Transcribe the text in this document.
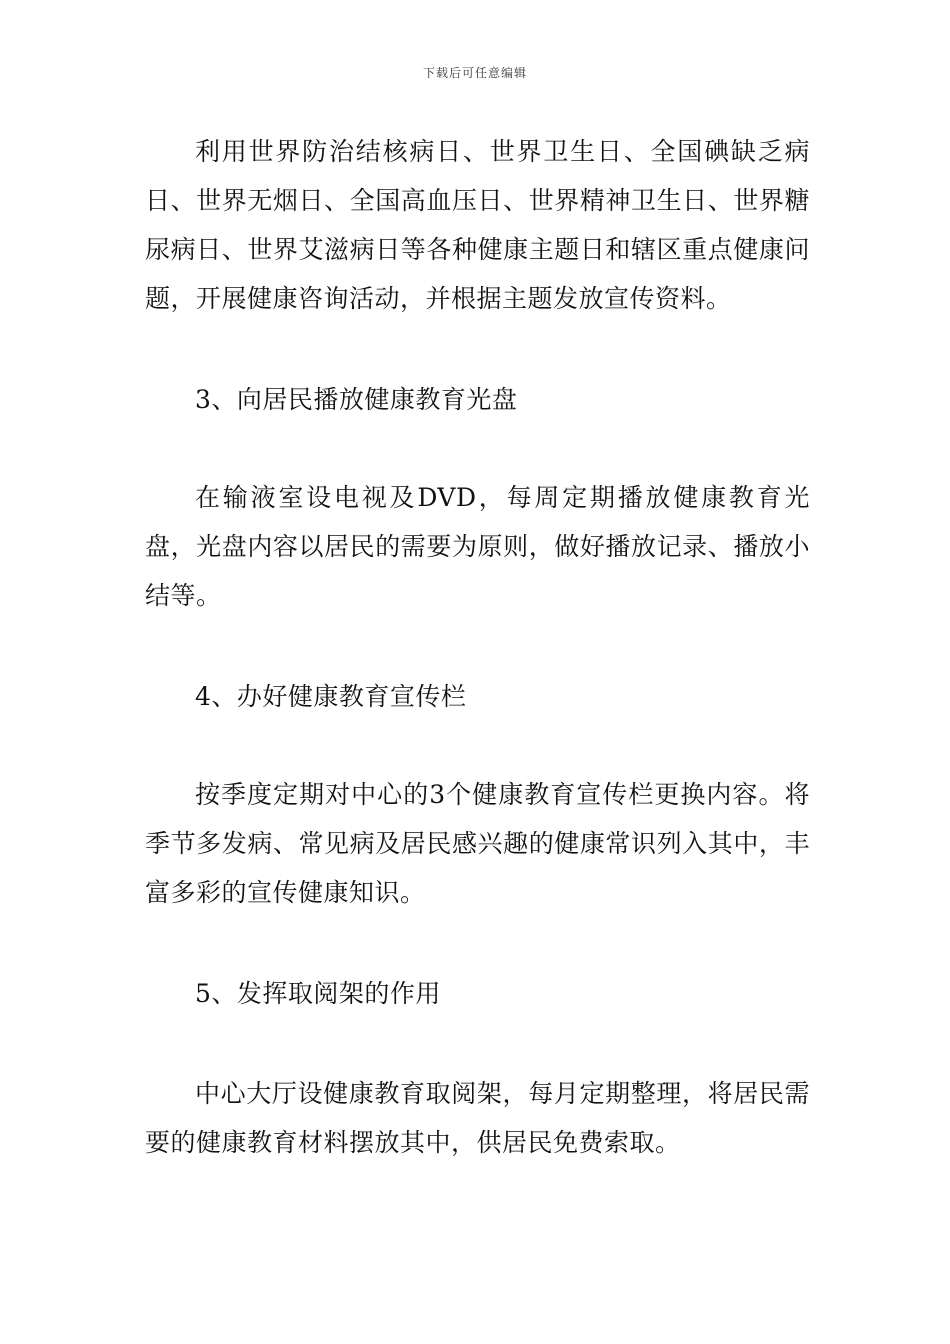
下载后可任意编辑

利用世界防治结核病日、世界卫生日、全国碘缺乏病日、世界无烟日、全国高血压日、世界精神卫生日、世界糖尿病日、世界艾滋病日等各种健康主题日和辖区重点健康问题，开展健康咨询活动，并根据主题发放宣传资料。

3、向居民播放健康教育光盘

在输液室设电视及DVD，每周定期播放健康教育光盘，光盘内容以居民的需要为原则，做好播放记录、播放小结等。

4、办好健康教育宣传栏

按季度定期对中心的3个健康教育宣传栏更换内容。将季节多发病、常见病及居民感兴趣的健康常识列入其中，丰富多彩的宣传健康知识。

5、发挥取阅架的作用

中心大厅设健康教育取阅架，每月定期整理，将居民需要的健康教育材料摆放其中，供居民免费索取。
